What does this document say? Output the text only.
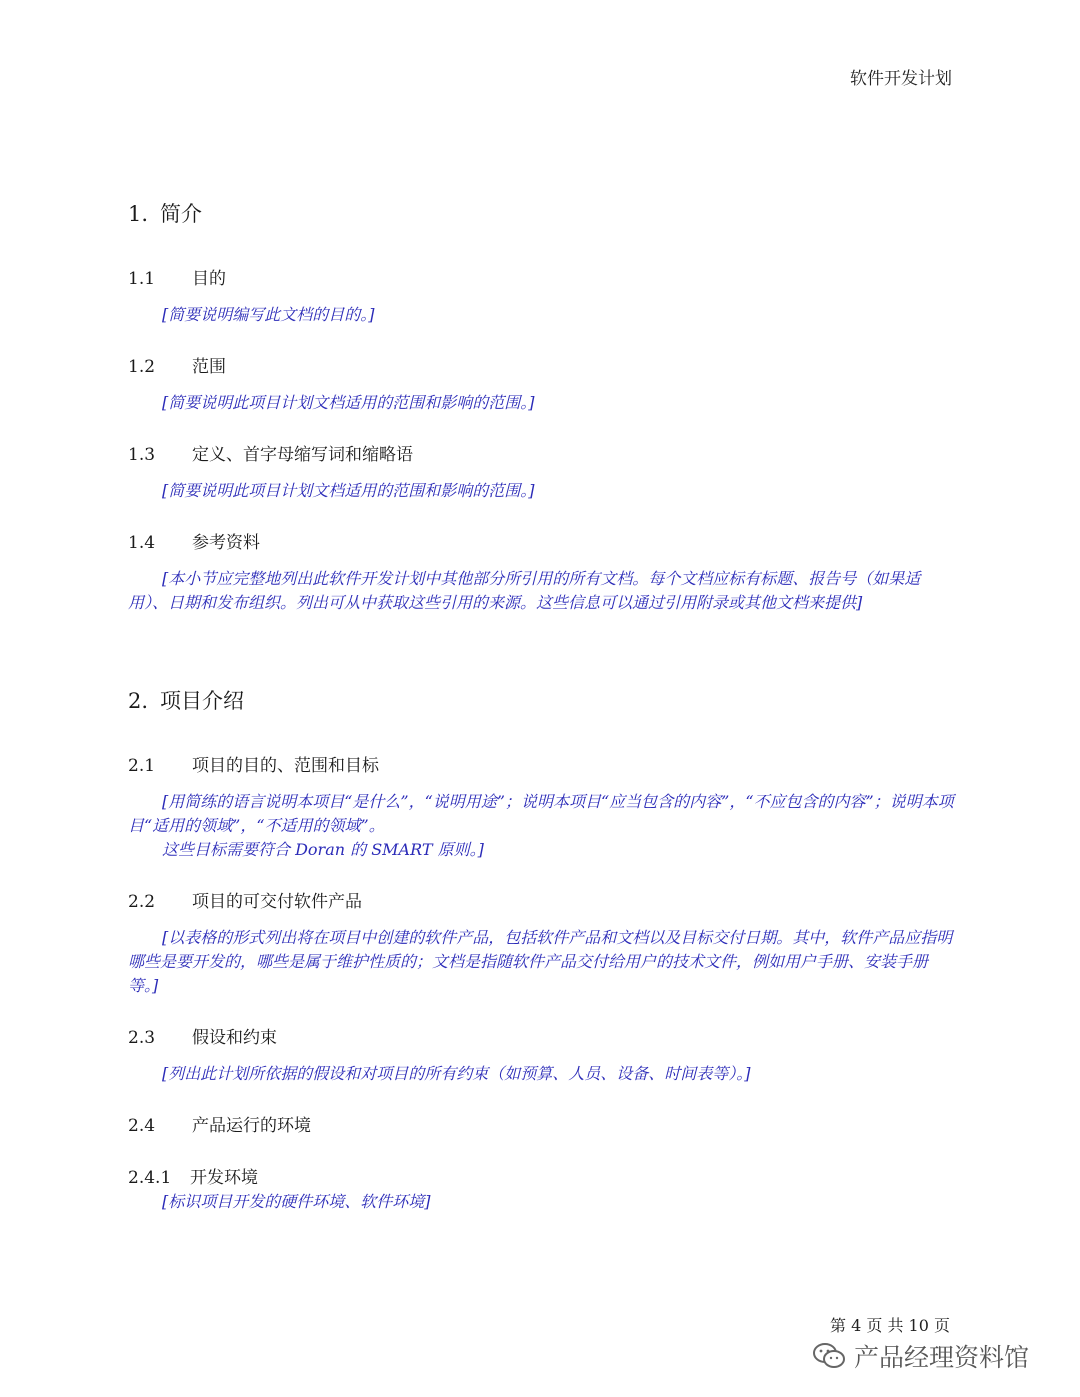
软件开发计划
1. 简介
1.1 目的

[简要说明编写此文档的目的。]

1.2 范围

[简要说明此项目计划文档适用的范围和影响的范围。]

1.3 定义、首字母缩写词和缩略语

[简要说明此项目计划文档适用的范围和影响的范围。]

1.4 参考资料

[本小节应完整地列出此软件开发计划中其他部分所引用的所有文档。每个文档应标有标题、报告号（如果适用）、日期和发布组织。列出可从中获取这些引用的来源。这些信息可以通过引用附录或其他文档来提供]

2. 项目介绍
2.1 项目的目的、范围和目标
[用简练的语言说明本项目“是什么”，“说明用途”；说明本项目“应当包含的内容”，“不应包含的内容”；说明本项目“适用的领域”，“不适用的领域”。
这些目标需要符合 Doran 的 SMART 原则。]
2.2 项目的可交付软件产品

[以表格的形式列出将在项目中创建的软件产品，包括软件产品和文档以及目标交付日期。其中，软件产品应指明哪些是要开发的，哪些是属于维护性质的；文档是指随软件产品交付给用户的技术文件，例如用户手册、安装手册等。]

2.3 假设和约束

[列出此计划所依据的假设和对项目的所有约束（如预算、人员、设备、时间表等）。]

2.4 产品运行的环境
2.4.1 开发环境

[标识项目开发的硬件环境、软件环境]

第 4 页 共 10 页
产品经理资料馆
